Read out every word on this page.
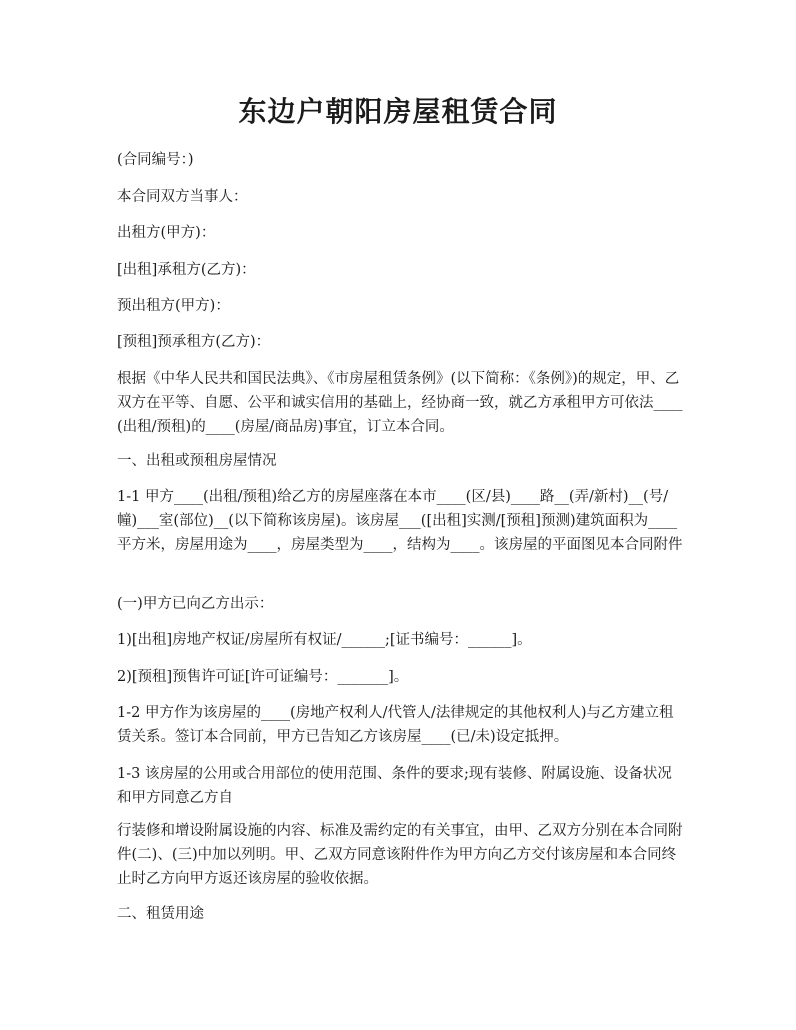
东边户朝阳房屋租赁合同

(合同编号：)

本合同双方当事人：

出租方(甲方)：

[出租]承租方(乙方)：

预出租方(甲方)：

[预租]预承租方(乙方)：

根据《中华人民共和国民法典》、《市房屋租赁条例》(以下简称：《条例》)的规定，甲、乙双方在平等、自愿、公平和诚实信用的基础上，经协商一致，就乙方承租甲方可依法____(出租/预租)的____(房屋/商品房)事宜，订立本合同。

一、出租或预租房屋情况

1-1 甲方____(出租/预租)给乙方的房屋座落在本市____(区/县)____路__(弄/新村)__(号/幢)___室(部位)__(以下简称该房屋)。该房屋___([出租]实测/[预租]预测)建筑面积为____平方米，房屋用途为____，房屋类型为____，结构为____。该房屋的平面图见本合同附件

(一)甲方已向乙方出示：

1)[出租]房地产权证/房屋所有权证/______;[证书编号：______]。

2)[预租]预售许可证[许可证编号：_______]。

1-2 甲方作为该房屋的____(房地产权利人/代管人/法律规定的其他权利人)与乙方建立租赁关系。签订本合同前，甲方已告知乙方该房屋____(已/未)设定抵押。

1-3 该房屋的公用或合用部位的使用范围、条件的要求;现有装修、附属设施、设备状况和甲方同意乙方自

行装修和增设附属设施的内容、标准及需约定的有关事宜，由甲、乙双方分别在本合同附件(二)、(三)中加以列明。甲、乙双方同意该附件作为甲方向乙方交付该房屋和本合同终止时乙方向甲方返还该房屋的验收依据。

二、租赁用途
